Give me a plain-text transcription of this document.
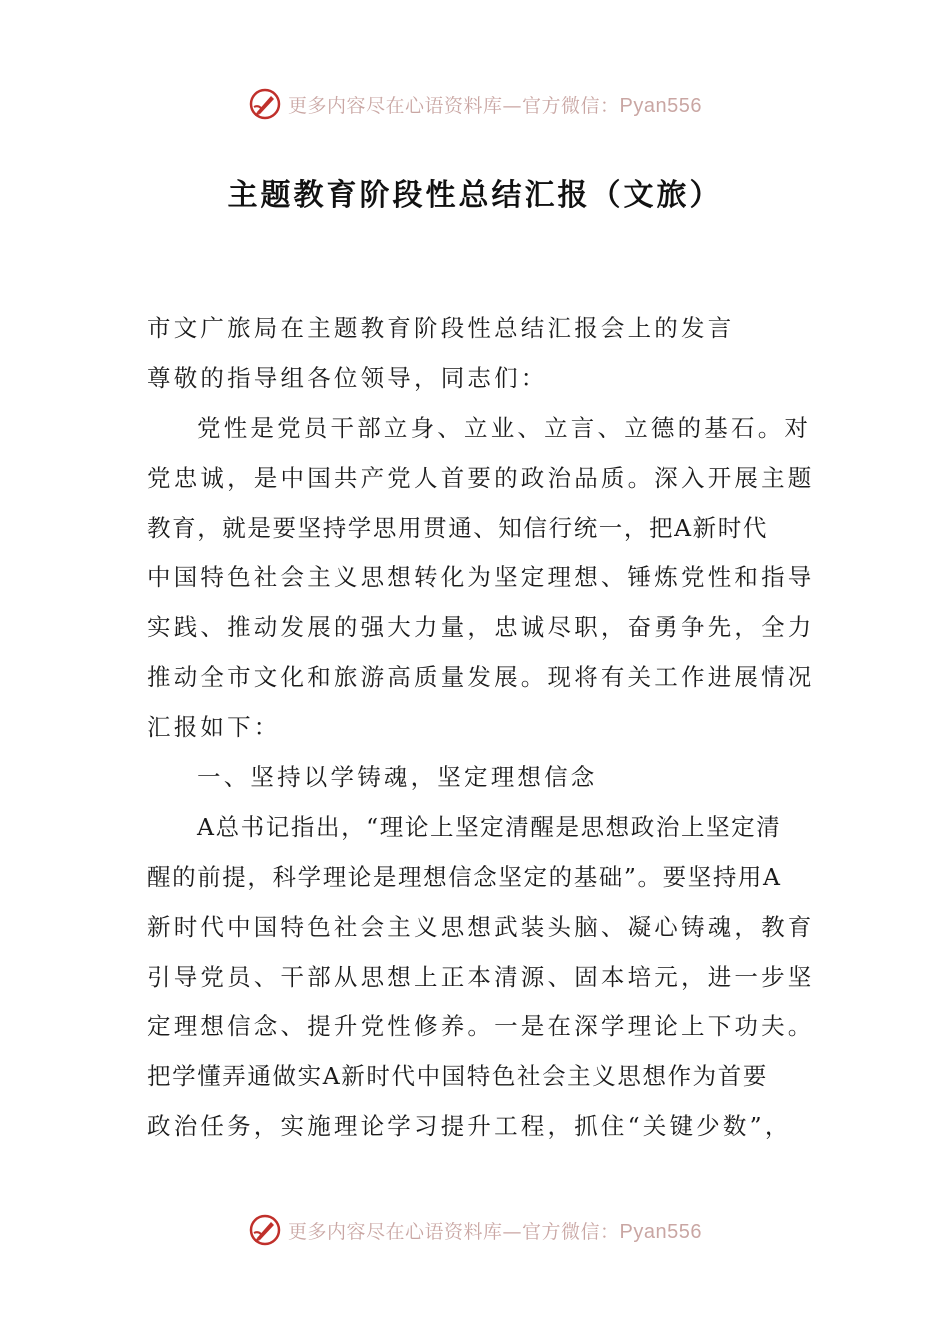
更多内容尽在心语资料库—官方微信：Pyan556
主题教育阶段性总结汇报（文旅）
市文广旅局在主题教育阶段性总结汇报会上的发言
尊敬的指导组各位领导，同志们：
党性是党员干部立身、立业、立言、立德的基石。对
党忠诚，是中国共产党人首要的政治品质。深入开展主题
教育，就是要坚持学思用贯通、知信行统一，把A新时代
中国特色社会主义思想转化为坚定理想、锤炼党性和指导
实践、推动发展的强大力量，忠诚尽职，奋勇争先，全力
推动全市文化和旅游高质量发展。现将有关工作进展情况
汇报如下：
一、坚持以学铸魂，坚定理想信念
A总书记指出，“理论上坚定清醒是思想政治上坚定清
醒的前提，科学理论是理想信念坚定的基础”。要坚持用A
新时代中国特色社会主义思想武装头脑、凝心铸魂，教育
引导党员、干部从思想上正本清源、固本培元，进一步坚
定理想信念、提升党性修养。一是在深学理论上下功夫。
把学懂弄通做实A新时代中国特色社会主义思想作为首要
政治任务，实施理论学习提升工程，抓住“关键少数”，
更多内容尽在心语资料库—官方微信：Pyan556
